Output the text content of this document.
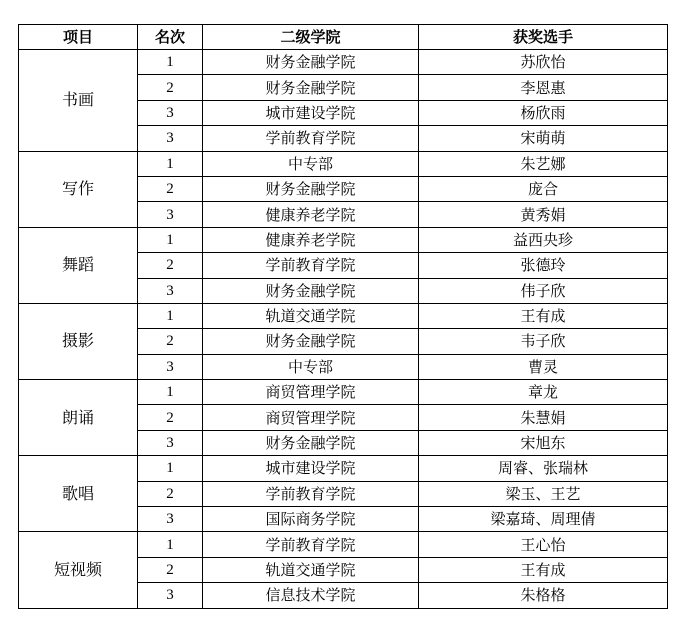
项目	名次	二级学院	获奖选手
书画	1	财务金融学院	苏欣怡
	2	财务金融学院	李恩惠
	3	城市建设学院	杨欣雨
	3	学前教育学院	宋萌萌
写作	1	中专部	朱艺娜
	2	财务金融学院	庞合
	3	健康养老学院	黄秀娟
舞蹈	1	健康养老学院	益西央珍
	2	学前教育学院	张德玲
	3	财务金融学院	伟子欣
摄影	1	轨道交通学院	王有成
	2	财务金融学院	韦子欣
	3	中专部	曹灵
朗诵	1	商贸管理学院	章龙
	2	商贸管理学院	朱慧娟
	3	财务金融学院	宋旭东
歌唱	1	城市建设学院	周睿、张瑞林
	2	学前教育学院	梁玉、王艺
	3	国际商务学院	梁嘉琦、周理倩
短视频	1	学前教育学院	王心怡
	2	轨道交通学院	王有成
	3	信息技术学院	朱格格
